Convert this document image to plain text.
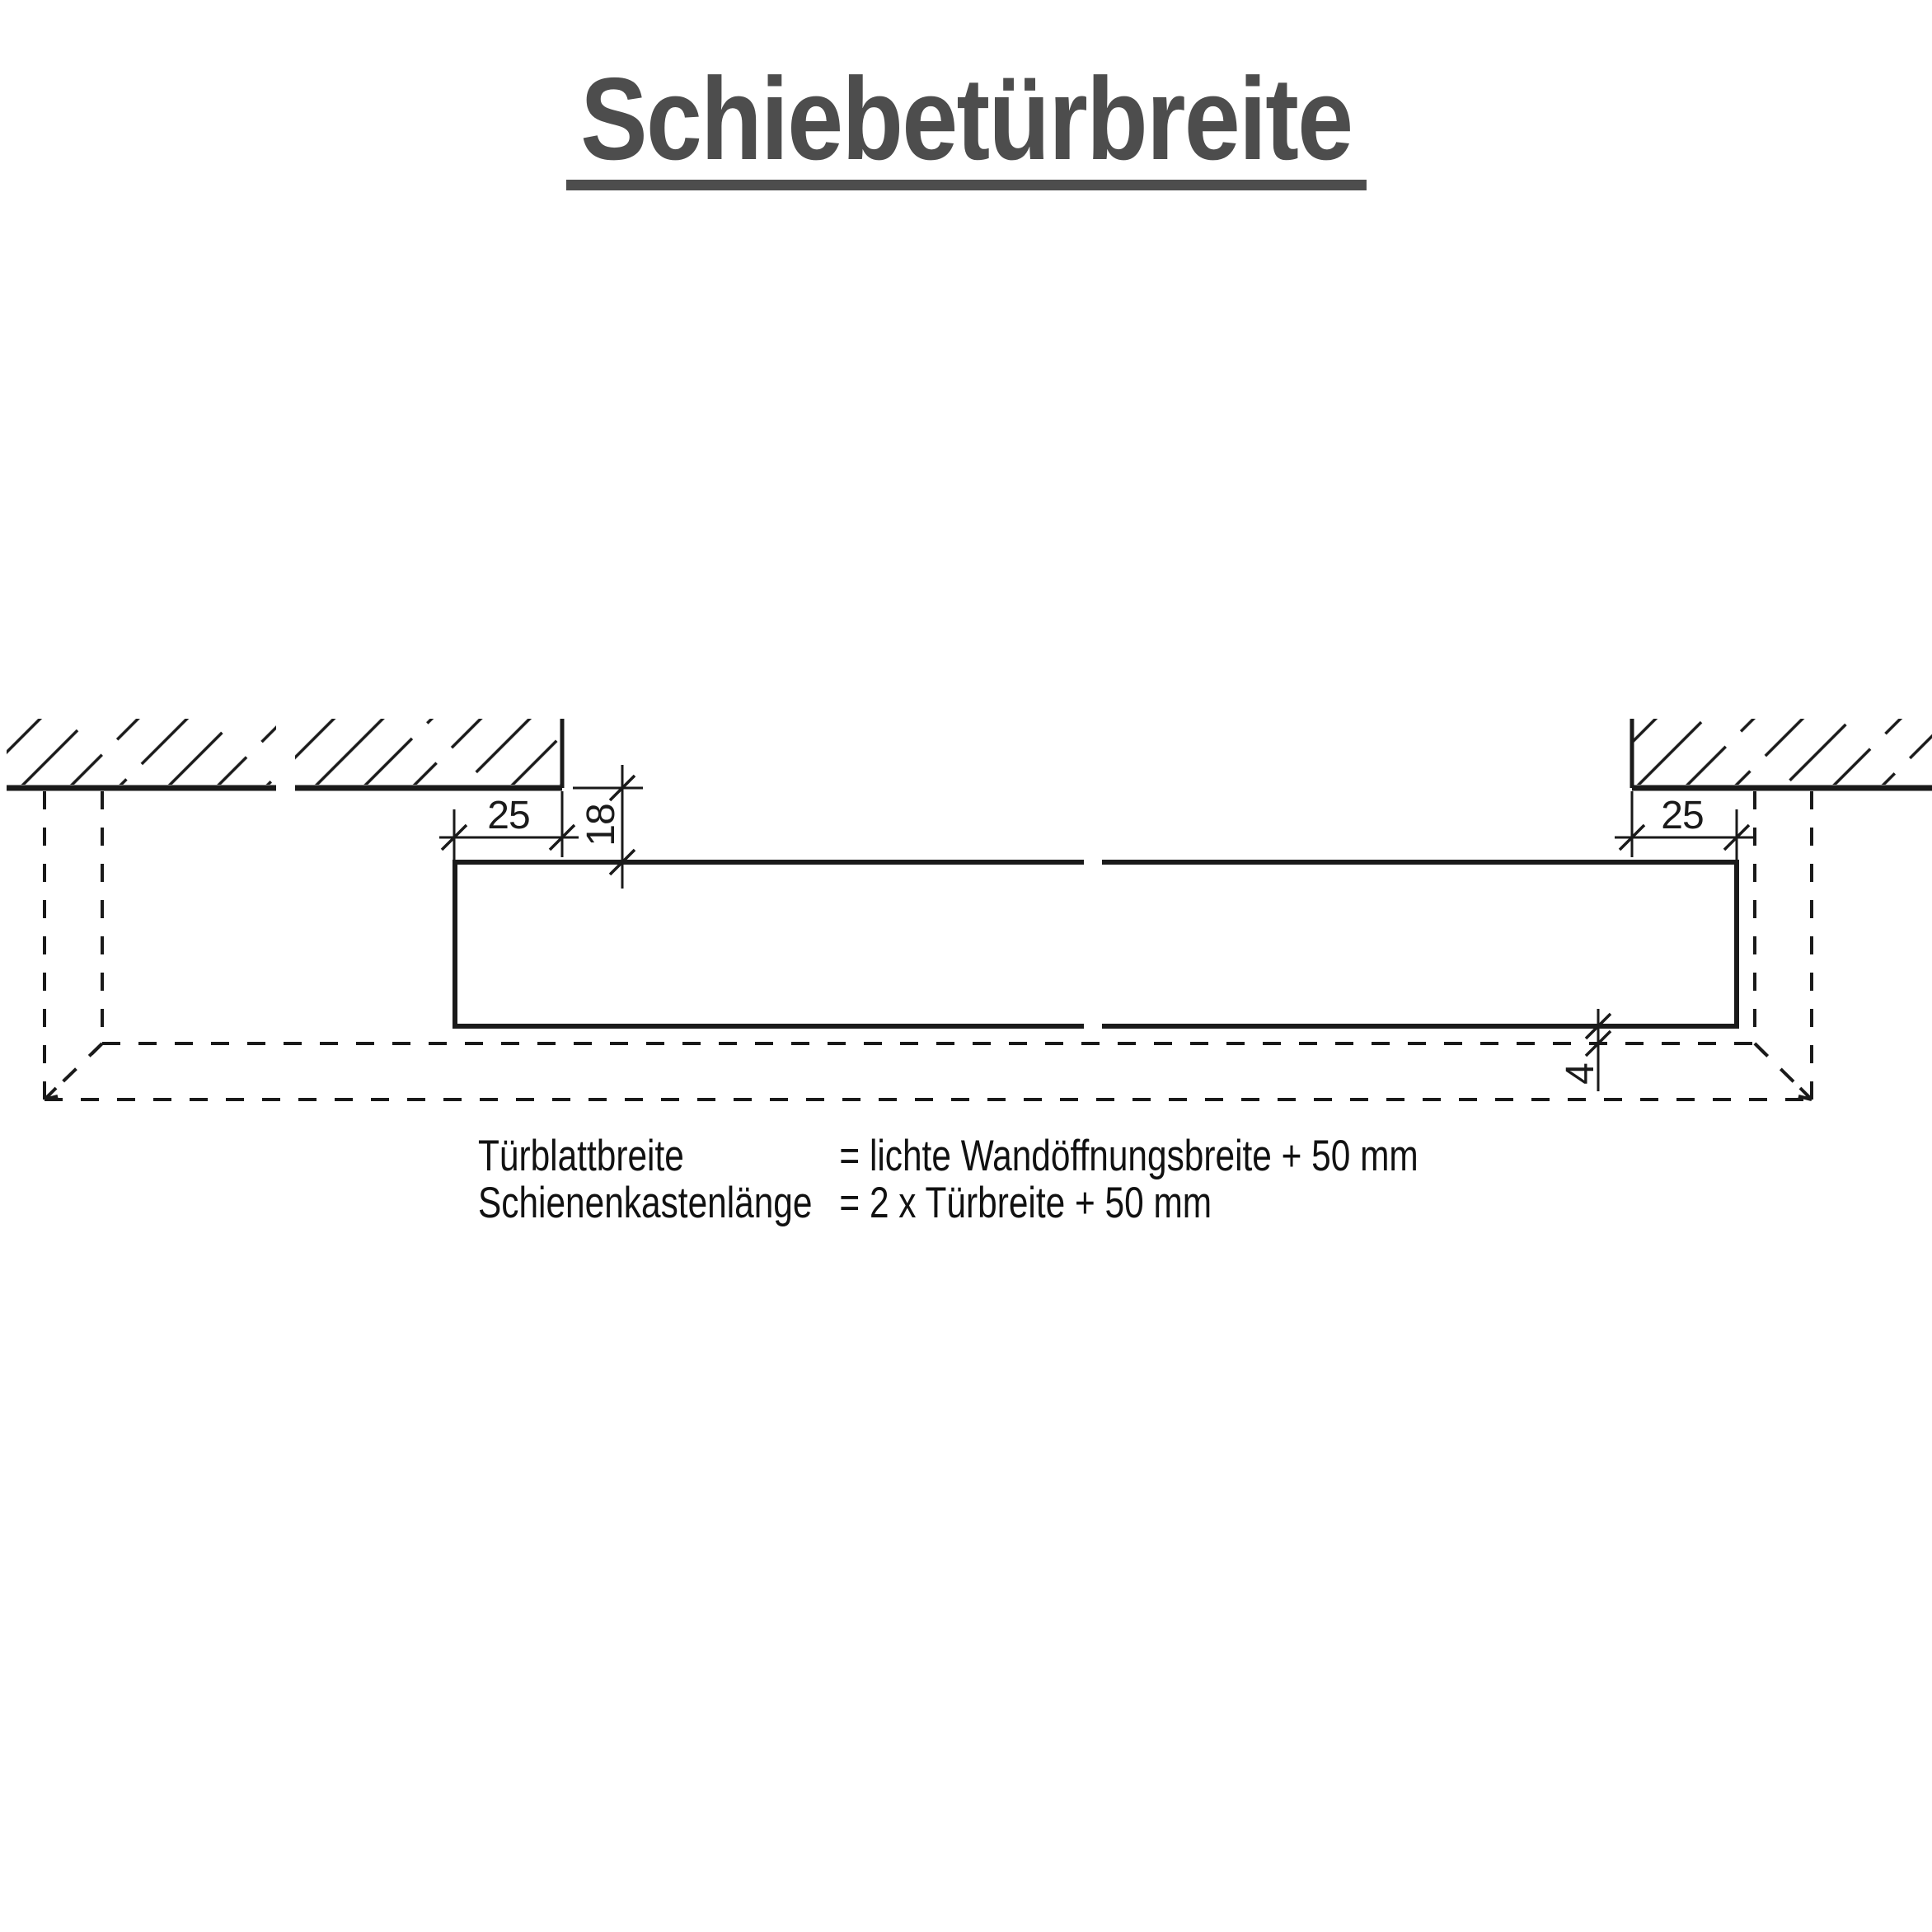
Schiebetürbreite
25 18	25
4
Türblattbreite	= lichte Wandöffnungsbreite + 50 mm
Schienenkastenlänge = 2 x Türbreite + 50 mm
